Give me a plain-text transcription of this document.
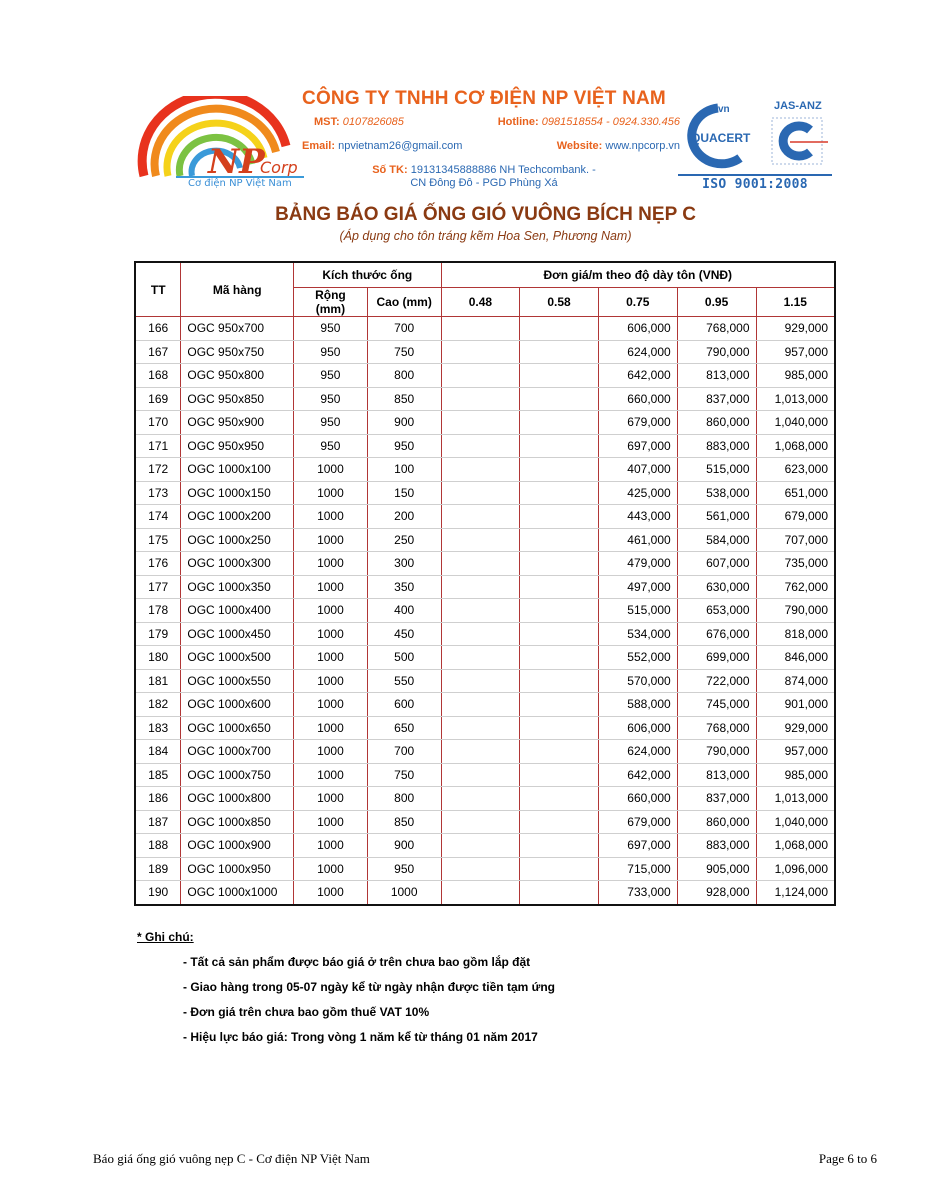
NP
Corp
Cơ điện NP Việt Nam
CÔNG TY TNHH CƠ ĐIỆN NP VIỆT NAM
MST: 0107826085	Hotline: 0981518554 - 0924.330.456
Email: npvietnam26@gmail.com	Website: www.npcorp.vn
Số TK: 19131345888886 NH Techcombank. -
CN Đông Đô - PGD Phùng Xá
QUACERT
vn	JAS-ANZ
ISO 9001:2008
BẢNG BÁO GIÁ ỐNG GIÓ VUÔNG BÍCH NẸP C
(Áp dụng cho tôn tráng kẽm Hoa Sen, Phương Nam)
TT	Mã hàng	Kích thước ống		Đơn giá/m theo độ dày tôn (VNĐ)				
		Rộng (mm)	Cao (mm)	0.48	0.58	0.75	0.95	1.15
166	OGC 950x700	950	700			606,000	768,000	929,000
167	OGC 950x750	950	750			624,000	790,000	957,000
168	OGC 950x800	950	800			642,000	813,000	985,000
169	OGC 950x850	950	850			660,000	837,000	1,013,000
170	OGC 950x900	950	900			679,000	860,000	1,040,000
171	OGC 950x950	950	950			697,000	883,000	1,068,000
172	OGC 1000x100	1000	100			407,000	515,000	623,000
173	OGC 1000x150	1000	150			425,000	538,000	651,000
174	OGC 1000x200	1000	200			443,000	561,000	679,000
175	OGC 1000x250	1000	250			461,000	584,000	707,000
176	OGC 1000x300	1000	300			479,000	607,000	735,000
177	OGC 1000x350	1000	350			497,000	630,000	762,000
178	OGC 1000x400	1000	400			515,000	653,000	790,000
179	OGC 1000x450	1000	450			534,000	676,000	818,000
180	OGC 1000x500	1000	500			552,000	699,000	846,000
181	OGC 1000x550	1000	550			570,000	722,000	874,000
182	OGC 1000x600	1000	600			588,000	745,000	901,000
183	OGC 1000x650	1000	650			606,000	768,000	929,000
184	OGC 1000x700	1000	700			624,000	790,000	957,000
185	OGC 1000x750	1000	750			642,000	813,000	985,000
186	OGC 1000x800	1000	800			660,000	837,000	1,013,000
187	OGC 1000x850	1000	850			679,000	860,000	1,040,000
188	OGC 1000x900	1000	900			697,000	883,000	1,068,000
189	OGC 1000x950	1000	950			715,000	905,000	1,096,000
190	OGC 1000x1000	1000	1000			733,000	928,000	1,124,000
* Ghi chú:
- Tất cả sản phẩm được báo giá ở trên chưa bao gồm lắp đặt
- Giao hàng trong 05-07 ngày kể từ ngày nhận được tiền tạm ứng
- Đơn giá trên chưa bao gồm thuế VAT 10%
- Hiệu lực báo giá: Trong vòng 1 năm kể từ tháng 01 năm 2017
Báo giá ống gió vuông nẹp C - Cơ điện NP Việt Nam	Page 6 to 6
